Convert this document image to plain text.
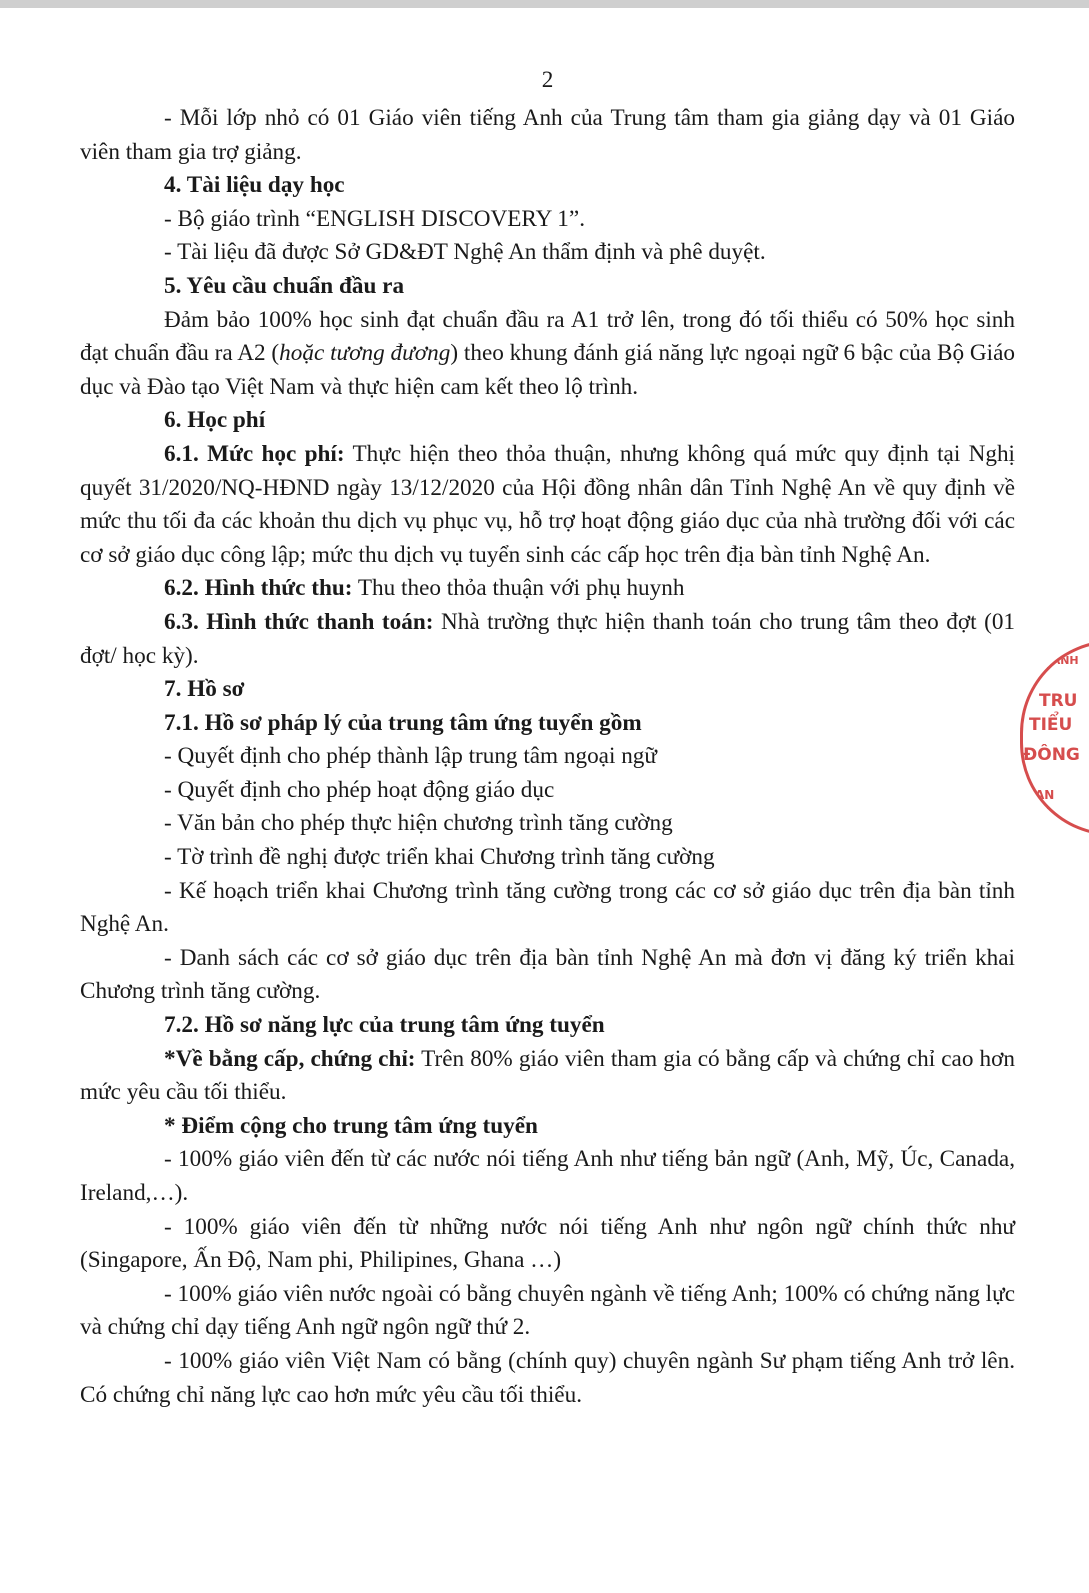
2

- Mỗi lớp nhỏ có 01 Giáo viên tiếng Anh của Trung tâm tham gia giảng dạy và 01 Giáo viên tham gia trợ giảng.

4. Tài liệu dạy học

- Bộ giáo trình “ENGLISH DISCOVERY 1”.

- Tài liệu đã được Sở GD&ĐT Nghệ An thẩm định và phê duyệt.

5. Yêu cầu chuẩn đầu ra

Đảm bảo 100% học sinh đạt chuẩn đầu ra A1 trở lên, trong đó tối thiểu có 50% học sinh đạt chuẩn đầu ra A2 (hoặc tương đương) theo khung đánh giá năng lực ngoại ngữ 6 bậc của Bộ Giáo dục và Đào tạo Việt Nam và thực hiện cam kết theo lộ trình.

6. Học phí

6.1. Mức học phí: Thực hiện theo thỏa thuận, nhưng không quá mức quy định tại Nghị quyết 31/2020/NQ-HĐND ngày 13/12/2020 của Hội đồng nhân dân Tỉnh Nghệ An về quy định về mức thu tối đa các khoản thu dịch vụ phục vụ, hỗ trợ hoạt động giáo dục của nhà trường đối với các cơ sở giáo dục công lập; mức thu dịch vụ tuyển sinh các cấp học trên địa bàn tỉnh Nghệ An.

6.2. Hình thức thu: Thu theo thỏa thuận với phụ huynh

6.3. Hình thức thanh toán: Nhà trường thực hiện thanh toán cho trung tâm theo đợt (01 đợt/ học kỳ).

7. Hồ sơ

7.1. Hồ sơ pháp lý của trung tâm ứng tuyển gồm

- Quyết định cho phép thành lập trung tâm ngoại ngữ

- Quyết định cho phép hoạt động giáo dục

- Văn bản cho phép thực hiện chương trình tăng cường

- Tờ trình đề nghị được triển khai Chương trình tăng cường

- Kế hoạch triển khai Chương trình tăng cường trong các cơ sở giáo dục trên địa bàn tỉnh Nghệ An.

- Danh sách các cơ sở giáo dục trên địa bàn tỉnh Nghệ An mà đơn vị đăng ký triển khai Chương trình tăng cường.

7.2. Hồ sơ năng lực của trung tâm ứng tuyển

*Về bằng cấp, chứng chỉ: Trên 80% giáo viên tham gia có bằng cấp và chứng chỉ cao hơn mức yêu cầu tối thiểu.

* Điểm cộng cho trung tâm ứng tuyển

- 100% giáo viên đến từ các nước nói tiếng Anh như tiếng bản ngữ (Anh, Mỹ, Úc, Canada, Ireland,…).

- 100% giáo viên đến từ những nước nói tiếng Anh như ngôn ngữ chính thức như (Singapore, Ấn Độ, Nam phi, Philipines, Ghana …)

- 100% giáo viên nước ngoài có bằng chuyên ngành về tiếng Anh; 100% có chứng năng lực và chứng chỉ dạy tiếng Anh ngữ ngôn ngữ thứ 2.

- 100% giáo viên Việt Nam có bằng (chính quy) chuyên ngành Sư phạm tiếng Anh trở lên. Có chứng chỉ năng lực cao hơn mức yêu cầu tối thiểu.

THÀNH
TRU
TIỂU
ĐÔNG
AN
